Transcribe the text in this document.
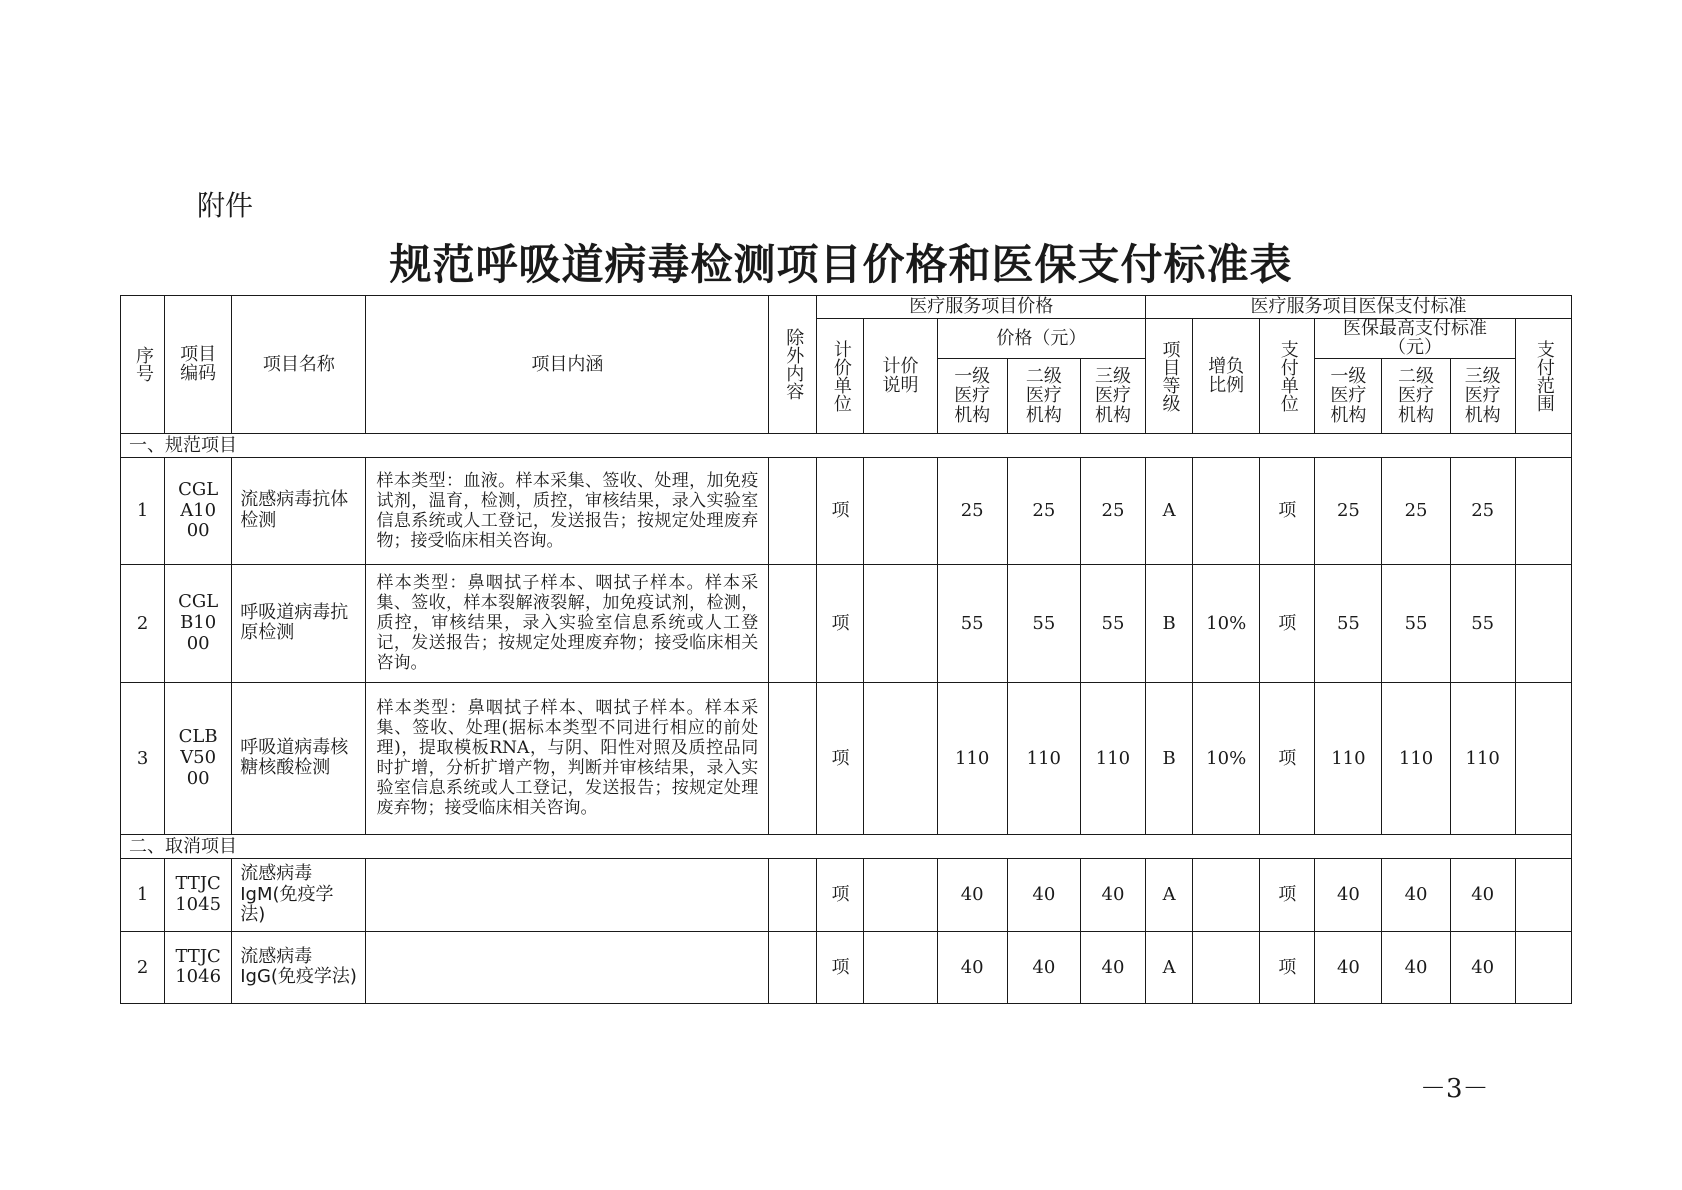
附件
规范呼吸道病毒检测项目价格和医保支付标准表
序号	项目编码	项目名称	项目内涵	除外内容	医疗服务项目价格					医疗服务项目医保支付标准						
					计价单位	计价说明	价格（元）			项目等级	增负比例	支付单位	医保最高支付标准（元）			支付范围
							一级医疗机构	二级医疗机构	三级医疗机构				一级医疗机构	二级医疗机构	三级医疗机构	
一、规范项目																
1	CGLA1000	流感病毒抗体检测	样本类型：血液。样本采集、签收、处理，加免疫试剂，温育，检测，质控，审核结果，录入实验室信息系统或人工登记，发送报告；按规定处理废弃物；接受临床相关咨询。		项		25	25	25	A		项	25	25	25	
2	CGLB1000	呼吸道病毒抗原检测	样本类型：鼻咽拭子样本、咽拭子样本。样本采集、签收，样本裂解液裂解，加免疫试剂，检测，质控，审核结果，录入实验室信息系统或人工登记，发送报告；按规定处理废弃物；接受临床相关咨询。		项		55	55	55	B	10%	项	55	55	55	
3	CLBV5000	呼吸道病毒核糖核酸检测	样本类型：鼻咽拭子样本、咽拭子样本。样本采集、签收、处理(据标本类型不同进行相应的前处理)，提取模板RNA，与阴、阳性对照及质控品同时扩增，分析扩增产物，判断并审核结果，录入实验室信息系统或人工登记，发送报告；按规定处理废弃物；接受临床相关咨询。		项		110	110	110	B	10%	项	110	110	110	
二、取消项目																
1	TTJC1045	流感病毒IgM(免疫学法)			项		40	40	40	A		项	40	40	40	
2	TTJC1046	流感病毒IgG(免疫学法)			项		40	40	40	A		项	40	40	40	
－3－
